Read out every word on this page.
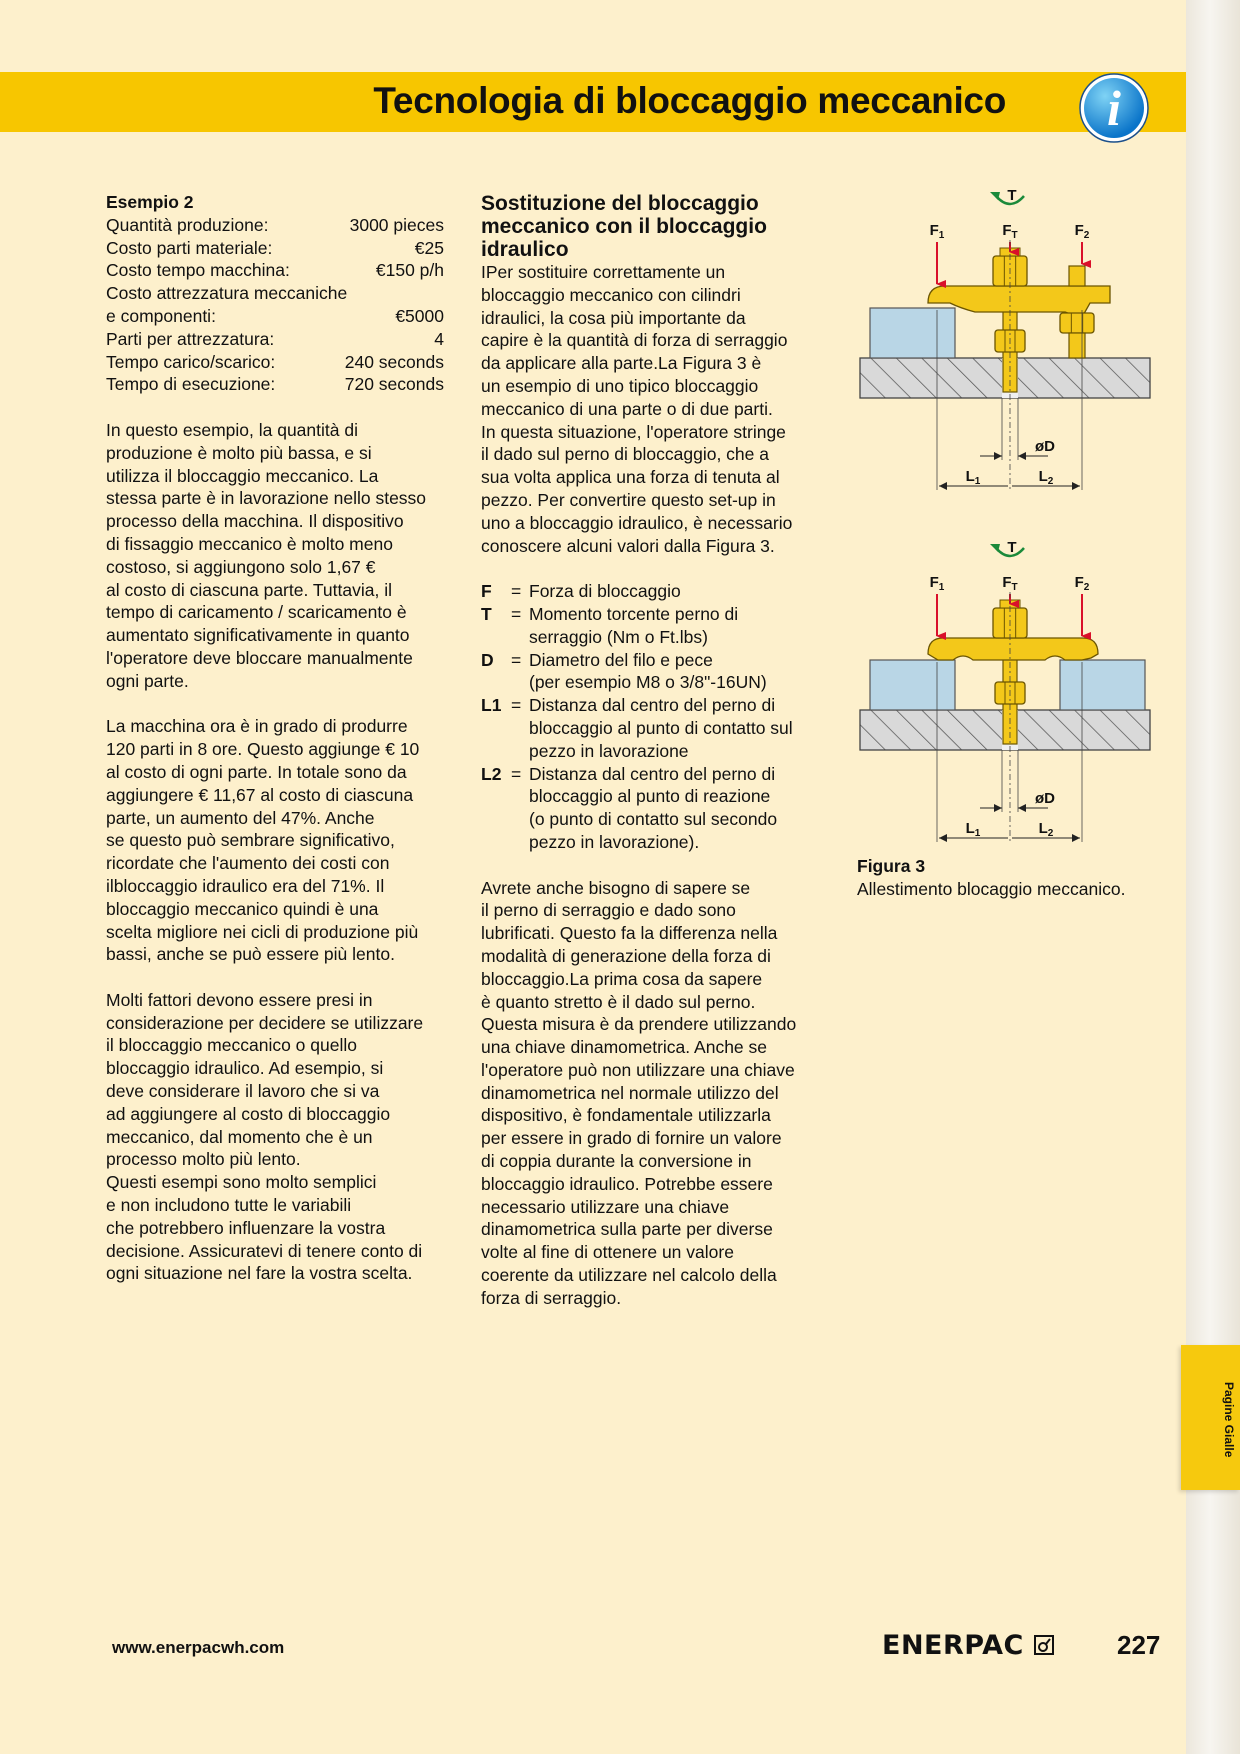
Pagine Gialle
Tecnologia di bloccaggio meccanico i

Esempio 2

Quantità produzione:	3000 pieces
Costo parti materiale:	€25
Costo tempo macchina:	€150 p/h
Costo attrezzatura meccaniche
e componenti:	€5000
Parti per attrezzatura:	4
Tempo carico/scarico:	240 seconds
Tempo di esecuzione:	720 seconds

In questo esempio, la quantità di

produzione è molto più bassa, e si

utilizza il bloccaggio meccanico. La

stessa parte è in lavorazione nello stesso

processo della macchina. Il dispositivo

di fissaggio meccanico è molto meno

costoso, si aggiungono solo 1,67 €

al costo di ciascuna parte. Tuttavia, il

tempo di caricamento / scaricamento è

aumentato significativamente in quanto

l'operatore deve bloccare manualmente

ogni parte.

La macchina ora è in grado di produrre

120 parti in 8 ore. Questo aggiunge € 10

al costo di ogni parte. In totale sono da

aggiungere € 11,67 al costo di ciascuna

parte, un aumento del 47%. Anche

se questo può sembrare significativo,

ricordate che l'aumento dei costi con

ilbloccaggio idraulico era del 71%. Il

bloccaggio meccanico quindi è una

scelta migliore nei cicli di produzione più

bassi, anche se può essere più lento.

Molti fattori devono essere presi in

considerazione per decidere se utilizzare

il bloccaggio meccanico o quello

bloccaggio idraulico. Ad esempio, si

deve considerare il lavoro che si va

ad aggiungere al costo di bloccaggio

meccanico, dal momento che è un

processo molto più lento.

Questi esempi sono molto semplici

e non includono tutte le variabili

che potrebbero influenzare la vostra

decisione. Assicuratevi di tenere conto di

ogni situazione nel fare la vostra scelta.

Sostituzione del bloccaggio

meccanico con il bloccaggio

idraulico

IPer sostituire correttamente un

bloccaggio meccanico con cilindri

idraulici, la cosa più importante da

capire è la quantità di forza di serraggio

da applicare alla parte.La Figura 3 è

un esempio di uno tipico bloccaggio

meccanico di una parte o di due parti.

In questa situazione, l'operatore stringe

il dado sul perno di bloccaggio, che a

sua volta applica una forza di tenuta al

pezzo. Per convertire questo set-up in

uno a bloccaggio idraulico, è necessario

conoscere alcuni valori dalla Figura 3.

F	= Forza di bloccaggio
T	= Momento torcente perno di
serraggio (Nm o Ft.lbs)
D = Diametro del filo e pece
(per esempio M8 o 3/8"-16UN)
L1 = Distanza dal centro del perno di
bloccaggio al punto di contatto sul
pezzo in lavorazione
L2 = Distanza dal centro del perno di
bloccaggio al punto di reazione
(o punto di contatto sul secondo
pezzo in lavorazione).

Avrete anche bisogno di sapere se

il perno di serraggio e dado sono

lubrificati. Questo fa la differenza nella

modalità di generazione della forza di

bloccaggio.La prima cosa da sapere

è quanto stretto è il dado sul perno.

Questa misura è da prendere utilizzando

una chiave dinamometrica. Anche se

l'operatore può non utilizzare una chiave

dinamometrica nel normale utilizzo del

dispositivo, è fondamentale utilizzarla

per essere in grado di fornire un valore

di coppia durante la conversione in

bloccaggio idraulico. Potrebbe essere

necessario utilizzare una chiave

dinamometrica sulla parte per diverse

volte al fine di ottenere un valore

coerente da utilizzare nel calcolo della

forza di serraggio.

T
$F_1$	$F_T$	$F_2$
øD
$L_1$	$L_2$
T
$F_1$	$F_T$	$F_2$
øD
$L_1$	$L_2$
Figura 3
Allestimento blocaggio meccanico.
www.enerpacwh.com	ENERPAC	227
